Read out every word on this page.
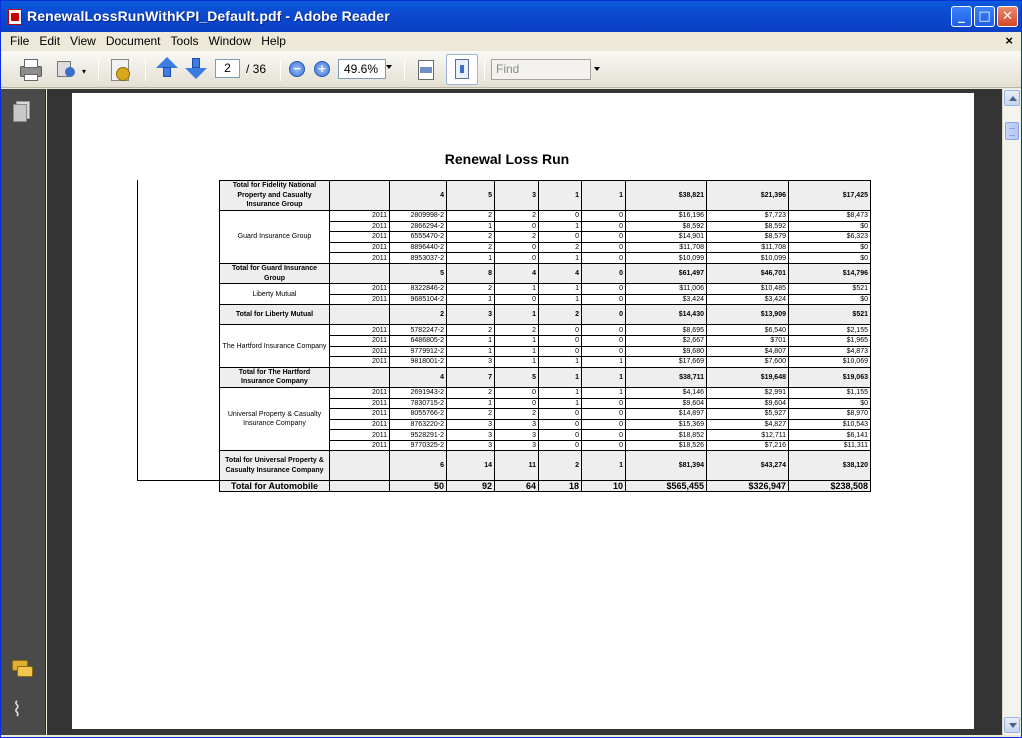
RenewalLossRunWithKPI_Default.pdf - Adobe Reader	_	□ ✕
File Edit View Document Tools Window Help	×
▾	2	/ 36	−	+	49.6%	Find
⌇
Renewal Loss Run
Total for Fidelity National Property and Casualty Insurance Group		4	5	3	1	1	$38,821	$21,396	$17,425
Guard Insurance Group	2011	2809998-2	2	2	0	0	$16,196	$7,723	$8,473
	2011	2866294-2	1	0	1	0	$8,592	$8,592	$0
	2011	6555470-2	2	2	0	0	$14,901	$8,579	$6,323
	2011	8896440-2	2	0	2	0	$11,708	$11,708	$0
	2011	8953037-2	1	0	1	0	$10,099	$10,099	$0
Total for Guard Insurance Group		5	8	4	4	0	$61,497	$46,701	$14,796
Liberty Mutual	2011	8322846-2	2	1	1	0	$11,006	$10,485	$521
	2011	9685104-2	1	0	1	0	$3,424	$3,424	$0
Total for Liberty Mutual		2	3	1	2	0	$14,430	$13,909	$521
The Hartford Insurance Company	2011	5782247-2	2	2	0	0	$8,695	$6,540	$2,155
	2011	6486805-2	1	1	0	0	$2,667	$701	$1,965
	2011	9779912-2	1	1	0	0	$9,680	$4,807	$4,873
	2011	9818001-2	3	1	1	1	$17,669	$7,600	$10,069
Total for The Hartford Insurance Company		4	7	5	1	1	$38,711	$19,648	$19,063
Universal Property & Casualty Insurance Company	2011	2691943-2	2	0	1	1	$4,146	$2,991	$1,155
	2011	7830715-2	1	0	1	0	$9,604	$9,604	$0
	2011	8055766-2	2	2	0	0	$14,897	$5,927	$8,970
	2011	8763220-2	3	3	0	0	$15,369	$4,827	$10,543
	2011	9528291-2	3	3	0	0	$18,852	$12,711	$6,141
	2011	9770325-2	3	3	0	0	$18,526	$7,216	$11,311
Total for Universal Property & Casualty Insurance Company		6	14	11	2	1	$81,394	$43,274	$38,120
Total for Automobile		50	92	64	18	10	$565,455	$326,947	$238,508
